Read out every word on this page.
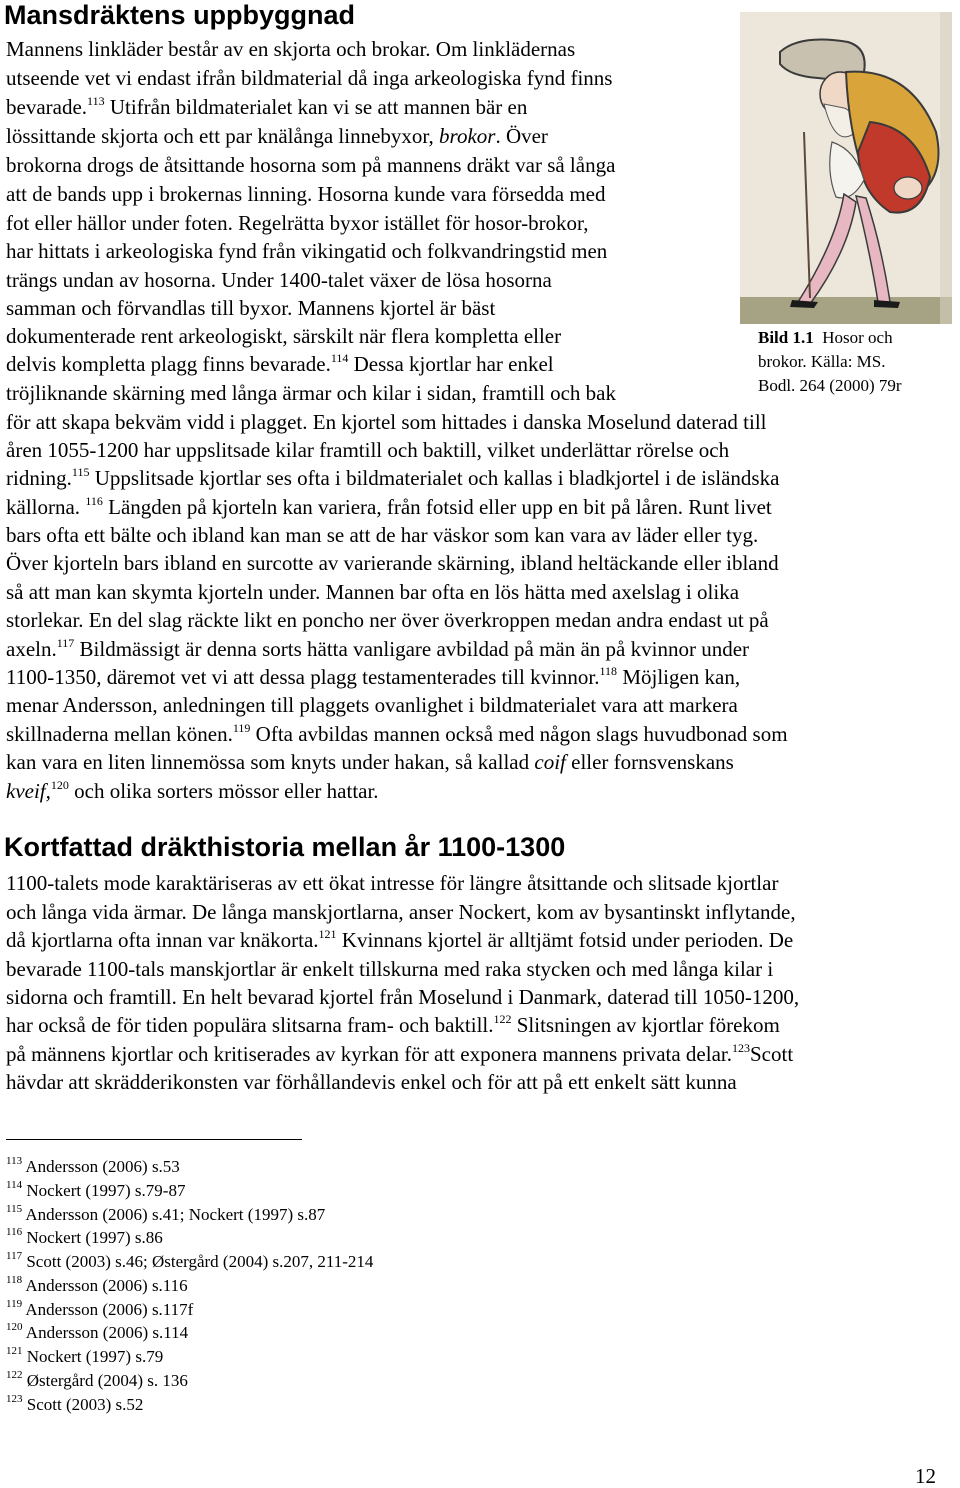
Mansdräktens uppbyggnad
Bild 1.1 Hosor och
brokor. Källa: MS.
Bodl. 264 (2000) 79r
Mannens linkläder består av en skjorta och brokar. Om linklädernas
utseende vet vi endast ifrån bildmaterial då inga arkeologiska fynd finns
bevarade.$^{113}$ Utifrån bildmaterialet kan vi se att mannen bär en
lössittande skjorta och ett par knälånga linnebyxor, brokor. Över
brokorna drogs de åtsittande hosorna som på mannens dräkt var så långa
att de bands upp i brokernas linning. Hosorna kunde vara försedda med
fot eller hällor under foten. Regelrätta byxor istället för hosor-brokor,
har hittats i arkeologiska fynd från vikingatid och folkvandringstid men
trängs undan av hosorna. Under 1400-talet växer de lösa hosorna
samman och förvandlas till byxor. Mannens kjortel är bäst
dokumenterade rent arkeologiskt, särskilt när flera kompletta eller
delvis kompletta plagg finns bevarade.$^{114}$ Dessa kjortlar har enkel
tröjliknande skärning med långa ärmar och kilar i sidan, framtill och bak
för att skapa bekväm vidd i plagget. En kjortel som hittades i danska Moselund daterad till
åren 1055-1200 har uppslitsade kilar framtill och baktill, vilket underlättar rörelse och
ridning.$^{115}$ Uppslitsade kjortlar ses ofta i bildmaterialet och kallas i bladkjortel i de isländska
källorna. $^{116}$ Längden på kjorteln kan variera, från fotsid eller upp en bit på låren. Runt livet
bars ofta ett bälte och ibland kan man se att de har väskor som kan vara av läder eller tyg.
Över kjorteln bars ibland en surcotte av varierande skärning, ibland heltäckande eller ibland
så att man kan skymta kjorteln under. Mannen bar ofta en lös hätta med axelslag i olika
storlekar. En del slag räckte likt en poncho ner över överkroppen medan andra endast ut på
axeln.$^{117}$ Bildmässigt är denna sorts hätta vanligare avbildad på män än på kvinnor under
1100-1350, däremot vet vi att dessa plagg testamenterades till kvinnor.$^{118}$ Möjligen kan,
menar Andersson, anledningen till plaggets ovanlighet i bildmaterialet vara att markera
skillnaderna mellan könen.$^{119}$ Ofta avbildas mannen också med någon slags huvudbonad som
kan vara en liten linnemössa som knyts under hakan, så kallad coif eller fornsvenskans
kveif,$^{120}$ och olika sorters mössor eller hattar.
Kortfattad dräkthistoria mellan år 1100-1300
1100-talets mode karaktäriseras av ett ökat intresse för längre åtsittande och slitsade kjortlar
och långa vida ärmar. De långa manskjortlarna, anser Nockert, kom av bysantinskt inflytande,
då kjortlarna ofta innan var knäkorta.$^{121}$ Kvinnans kjortel är alltjämt fotsid under perioden. De
bevarade 1100-tals manskjortlar är enkelt tillskurna med raka stycken och med långa kilar i
sidorna och framtill. En helt bevarad kjortel från Moselund i Danmark, daterad till 1050-1200,
har också de för tiden populära slitsarna fram- och baktill.$^{122}$ Slitsningen av kjortlar förekom
på männens kjortlar och kritiserades av kyrkan för att exponera mannens privata delar.$^{123}$Scott
hävdar att skrädderikonsten var förhållandevis enkel och för att på ett enkelt sätt kunna
$^{113}$ Andersson (2006) s.53
$^{114}$ Nockert (1997) s.79-87
$^{115}$ Andersson (2006) s.41; Nockert (1997) s.87
$^{116}$ Nockert (1997) s.86
$^{117}$ Scott (2003) s.46; Østergård (2004) s.207, 211-214
$^{118}$ Andersson (2006) s.116
$^{119}$ Andersson (2006) s.117f
$^{120}$ Andersson (2006) s.114
$^{121}$ Nockert (1997) s.79
$^{122}$ Østergård (2004) s. 136
$^{123}$ Scott (2003) s.52
12
